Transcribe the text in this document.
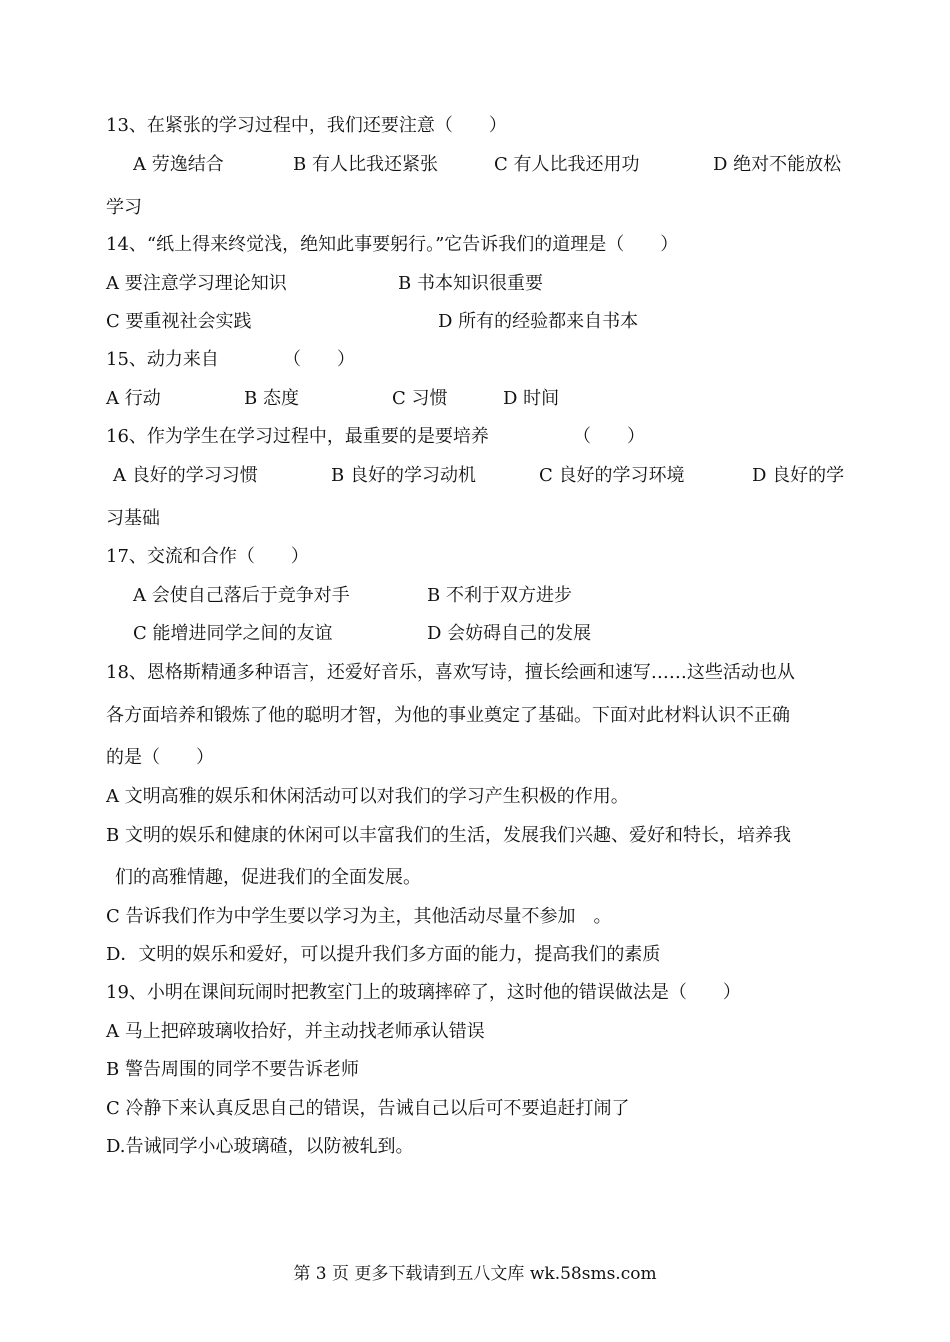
13、在紧张的学习过程中，我们还要注意（　　）
A 劳逸结合	B 有人比我还紧张	C 有人比我还用功	D 绝对不能放松
学习
14、“纸上得来终觉浅，绝知此事要躬行。”它告诉我们的道理是（　　）
A 要注意学习理论知识	B 书本知识很重要
C 要重视社会实践	D 所有的经验都来自书本
15、动力来自	（　　）
A 行动	B 态度	C 习惯	D 时间
16、作为学生在学习过程中，最重要的是要培养	（　　）
A 良好的学习习惯	B 良好的学习动机	C 良好的学习环境	D 良好的学
习基础
17、交流和合作（　　）
A 会使自己落后于竞争对手	B 不利于双方进步
C 能增进同学之间的友谊	D 会妨碍自己的发展
18、恩格斯精通多种语言，还爱好音乐，喜欢写诗，擅长绘画和速写……这些活动也从
各方面培养和锻炼了他的聪明才智，为他的事业奠定了基础。下面对此材料认识不正确
的是（　　）
A 文明高雅的娱乐和休闲活动可以对我们的学习产生积极的作用。
B 文明的娱乐和健康的休闲可以丰富我们的生活，发展我们兴趣、爱好和特长，培养我
们的高雅情趣，促进我们的全面发展。
C 告诉我们作为中学生要以学习为主，其他活动尽量不参加　。
D．文明的娱乐和爱好，可以提升我们多方面的能力，提高我们的素质
19、小明在课间玩闹时把教室门上的玻璃摔碎了，这时他的错误做法是（　　）
A 马上把碎玻璃收拾好，并主动找老师承认错误
B 警告周围的同学不要告诉老师
C 冷静下来认真反思自己的错误，告诫自己以后可不要追赶打闹了
D.告诫同学小心玻璃碴，以防被轧到。
第 3 页 更多下载请到五八文库 wk.58sms.com
